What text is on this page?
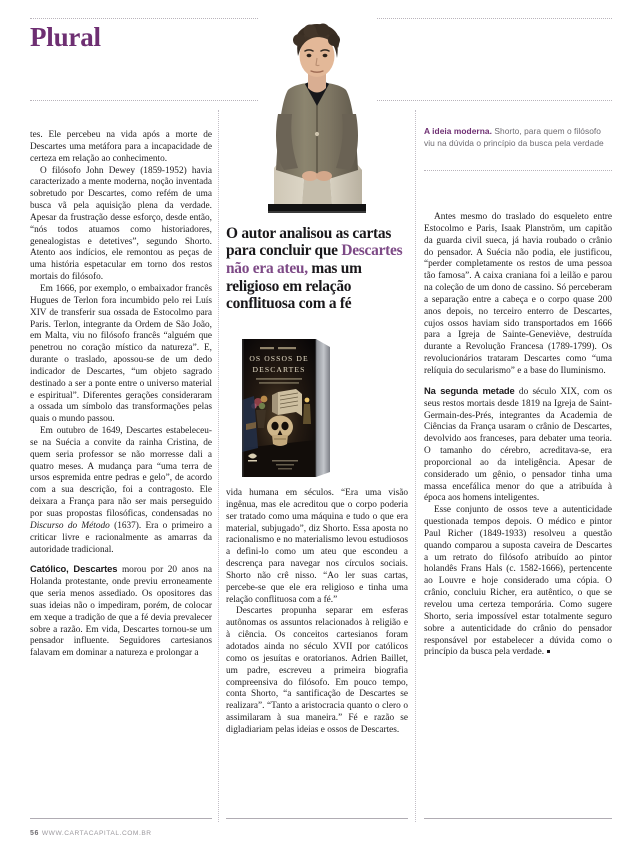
Plural
A ideia moderna. Shorto, para quem o filósofo viu na dúvida o princípio da busca pela verdade
O autor analisou as cartas para concluir que Descartes não era ateu, mas um religioso em relação conflituosa com a fé
OS OSSOS DE
DESCARTES

tes. Ele percebeu na vida após a morte de Descartes uma metáfora para a incapacidade de certeza em relação ao conhecimento.

O filósofo John Dewey (1859-1952) havia caracterizado a mente moderna, noção inventada sobretudo por Descartes, como refém de uma busca vã pela aquisição plena da verdade. Apesar da frustração desse esforço, desde então, “nós todos atuamos como historiadores, genealogistas e detetives”, segundo Shorto. Atento aos indícios, ele remontou as peças de uma história espetacular em torno dos restos mortais do filósofo.

Em 1666, por exemplo, o embaixador francês Hugues de Terlon fora incumbido pelo rei Luís XIV de transferir sua ossada de Estocolmo para Paris. Terlon, integrante da Ordem de São João, em Malta, viu no filósofo francês “alguém que penetrou no coração místico da natureza”. E, durante o traslado, apossou-se de um dedo indicador de Descartes, “um objeto sagrado destinado a ser a ponte entre o universo material e espiritual”. Diferentes gerações consideraram a ossada um símbolo das transformações pelas quais o mundo passou.

Em outubro de 1649, Descartes estabeleceu-se na Suécia a convite da rainha Cristina, de quem seria professor se não morresse dali a quatro meses. A mudança para “uma terra de ursos espremida entre pedras e gelo”, de acordo com a sua descrição, foi a contragosto. Ele deixara a França para não ser mais perseguido por suas propostas filosóficas, condensadas no Discurso do Método (1637). Era o primeiro a criticar livre e racionalmente as amarras da autoridade tradicional.

Católico, Descartes morou por 20 anos na Holanda protestante, onde previu erroneamente que seria menos assediado. Os opositores das suas ideias não o impediram, porém, de colocar em xeque a tradição de que a fé devia prevalecer sobre a razão. Em vida, Descartes tornou-se um pensador influente. Seguidores cartesianos falavam em dominar a natureza e prolongar a

vida humana em séculos. “Era uma visão ingênua, mas ele acreditou que o corpo poderia ser tratado como uma máquina e tudo o que era material, subjugado”, diz Shorto. Essa aposta no racionalismo e no materialismo levou estudiosos a defini-lo como um ateu que escondeu a descrença para navegar nos círculos sociais. Shorto não crê nisso. “Ao ler suas cartas, percebe-se que ele era religioso e tinha uma relação conflituosa com a fé.”

Descartes propunha separar em esferas autônomas os assuntos relacionados à religião e à ciência. Os conceitos cartesianos foram adotados ainda no século XVII por católicos como os jesuítas e oratorianos. Adrien Baillet, um padre, escreveu a primeira biografia compreensiva do filósofo. Em pouco tempo, conta Shorto, “a santificação de Descartes se realizara”. “Tanto a aristocracia quanto o clero o assimilaram à sua maneira.” Fé e razão se digladiariam pelas ideias e ossos de Descartes.

Antes mesmo do traslado do esqueleto entre Estocolmo e Paris, Isaak Planström, um capitão da guarda civil sueca, já havia roubado o crânio do pensador. A Suécia não podia, ele justificou, “perder completamente os restos de uma pessoa tão famosa”. A caixa craniana foi a leilão e parou na coleção de um dono de cassino. Só perceberam a separação entre a cabeça e o corpo quase 200 anos depois, no terceiro enterro de Descartes, cujos ossos haviam sido transportados em 1666 para a Igreja de Sainte-Geneviève, destruída durante a Revolução Francesa (1789-1799). Os revolucionários trataram Descartes como “uma relíquia do secularismo” e a base do Iluminismo.

Na segunda metade do século XIX, com os seus restos mortais desde 1819 na Igreja de Saint-Germain-des-Prés, integrantes da Academia de Ciências da França usaram o crânio de Descartes, devolvido aos franceses, para debater uma teoria. O tamanho do cérebro, acreditava-se, era proporcional ao da inteligência. Apesar de considerado um gênio, o pensador tinha uma massa encefálica menor do que a atribuída à época aos homens inteligentes.

Esse conjunto de ossos teve a autenticidade questionada tempos depois. O médico e pintor Paul Richer (1849-1933) resolveu a questão quando comparou a suposta caveira de Descartes a um retrato do filósofo atribuído ao pintor holandês Frans Hals (c. 1582-1666), pertencente ao Louvre e hoje considerado uma cópia. O crânio, concluiu Richer, era autêntico, o que se revelou uma certeza temporária. Como sugere Shorto, seria impossível estar totalmente seguro sobre a autenticidade do crânio do pensador responsável por estabelecer a dúvida como o princípio da busca pela verdade.

56 WWW.CARTACAPITAL.COM.BR
